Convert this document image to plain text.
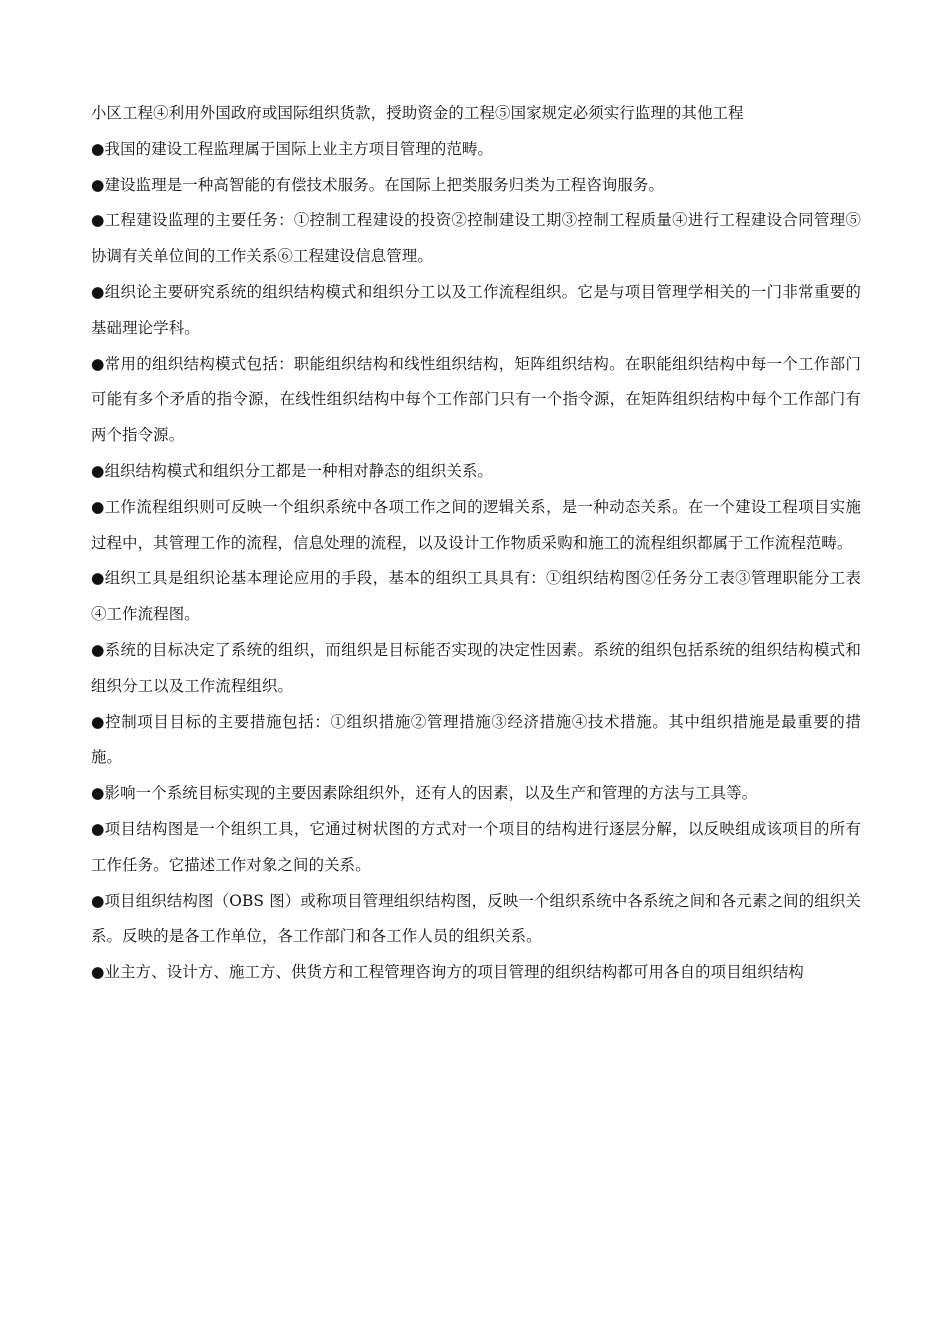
小区工程④利用外国政府或国际组织货款，授助资金的工程⑤国家规定必须实行监理的其他工程

●我国的建设工程监理属于国际上业主方项目管理的范畴。

●建设监理是一种高智能的有偿技术服务。在国际上把类服务归类为工程咨询服务。

●工程建设监理的主要任务：①控制工程建设的投资②控制建设工期③控制工程质量④进行工程建设合同管理⑤协调有关单位间的工作关系⑥工程建设信息管理。

●组织论主要研究系统的组织结构模式和组织分工以及工作流程组织。它是与项目管理学相关的一门非常重要的基础理论学科。

●常用的组织结构模式包括：职能组织结构和线性组织结构，矩阵组织结构。在职能组织结构中每一个工作部门可能有多个矛盾的指令源，在线性组织结构中每个工作部门只有一个指令源，在矩阵组织结构中每个工作部门有两个指令源。

●组织结构模式和组织分工都是一种相对静态的组织关系。

●工作流程组织则可反映一个组织系统中各项工作之间的逻辑关系，是一种动态关系。在一个建设工程项目实施过程中，其管理工作的流程，信息处理的流程，以及设计工作物质采购和施工的流程组织都属于工作流程范畴。

●组织工具是组织论基本理论应用的手段，基本的组织工具具有：①组织结构图②任务分工表③管理职能分工表④工作流程图。

●系统的目标决定了系统的组织，而组织是目标能否实现的决定性因素。系统的组织包括系统的组织结构模式和组织分工以及工作流程组织。

●控制项目目标的主要措施包括：①组织措施②管理措施③经济措施④技术措施。其中组织措施是最重要的措施。

●影响一个系统目标实现的主要因素除组织外，还有人的因素，以及生产和管理的方法与工具等。

●项目结构图是一个组织工具，它通过树状图的方式对一个项目的结构进行逐层分解，以反映组成该项目的所有工作任务。它描述工作对象之间的关系。

●项目组织结构图（OBS 图）或称项目管理组织结构图，反映一个组织系统中各系统之间和各元素之间的组织关系。反映的是各工作单位，各工作部门和各工作人员的组织关系。

●业主方、设计方、施工方、供货方和工程管理咨询方的项目管理的组织结构都可用各自的项目组织结构
